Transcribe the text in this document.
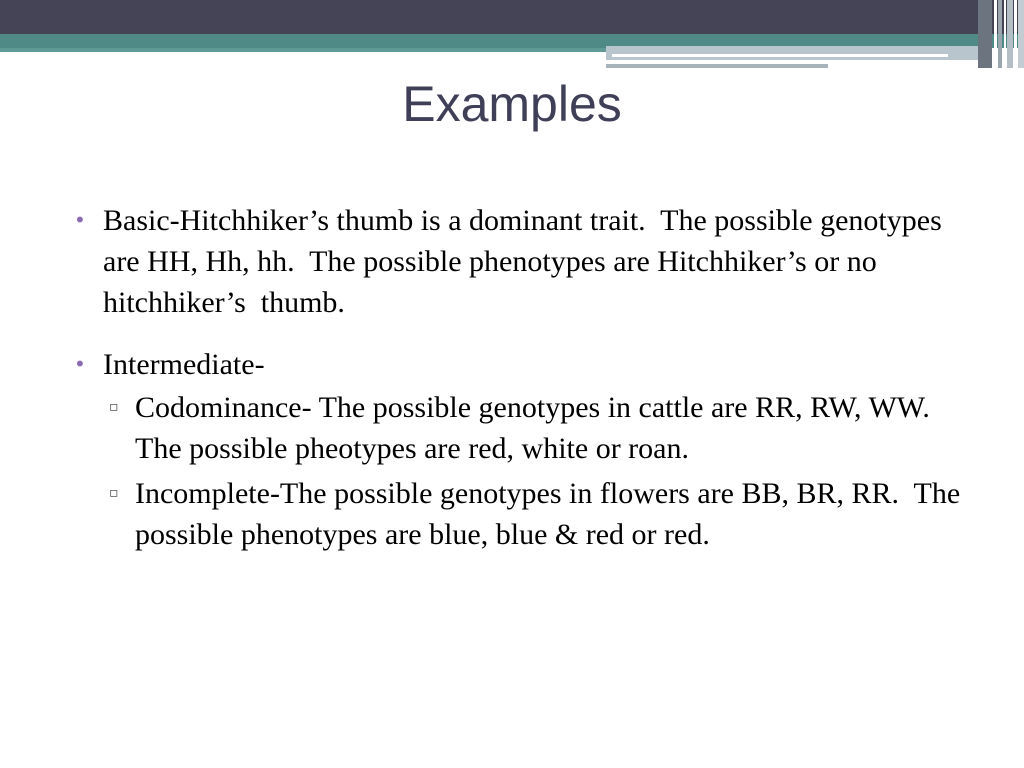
Examples
• Basic-Hitchhiker’s thumb is a dominant trait.  The possible genotypes are HH, Hh, hh.  The possible phenotypes are Hitchhiker’s or no hitchhiker’s  thumb.
• Intermediate-
▫ Codominance- The possible genotypes in cattle are RR, RW, WW.  The possible pheotypes are red, white or roan.
▫ Incomplete-The possible genotypes in flowers are BB, BR, RR.  The possible phenotypes are blue, blue & red or red.
